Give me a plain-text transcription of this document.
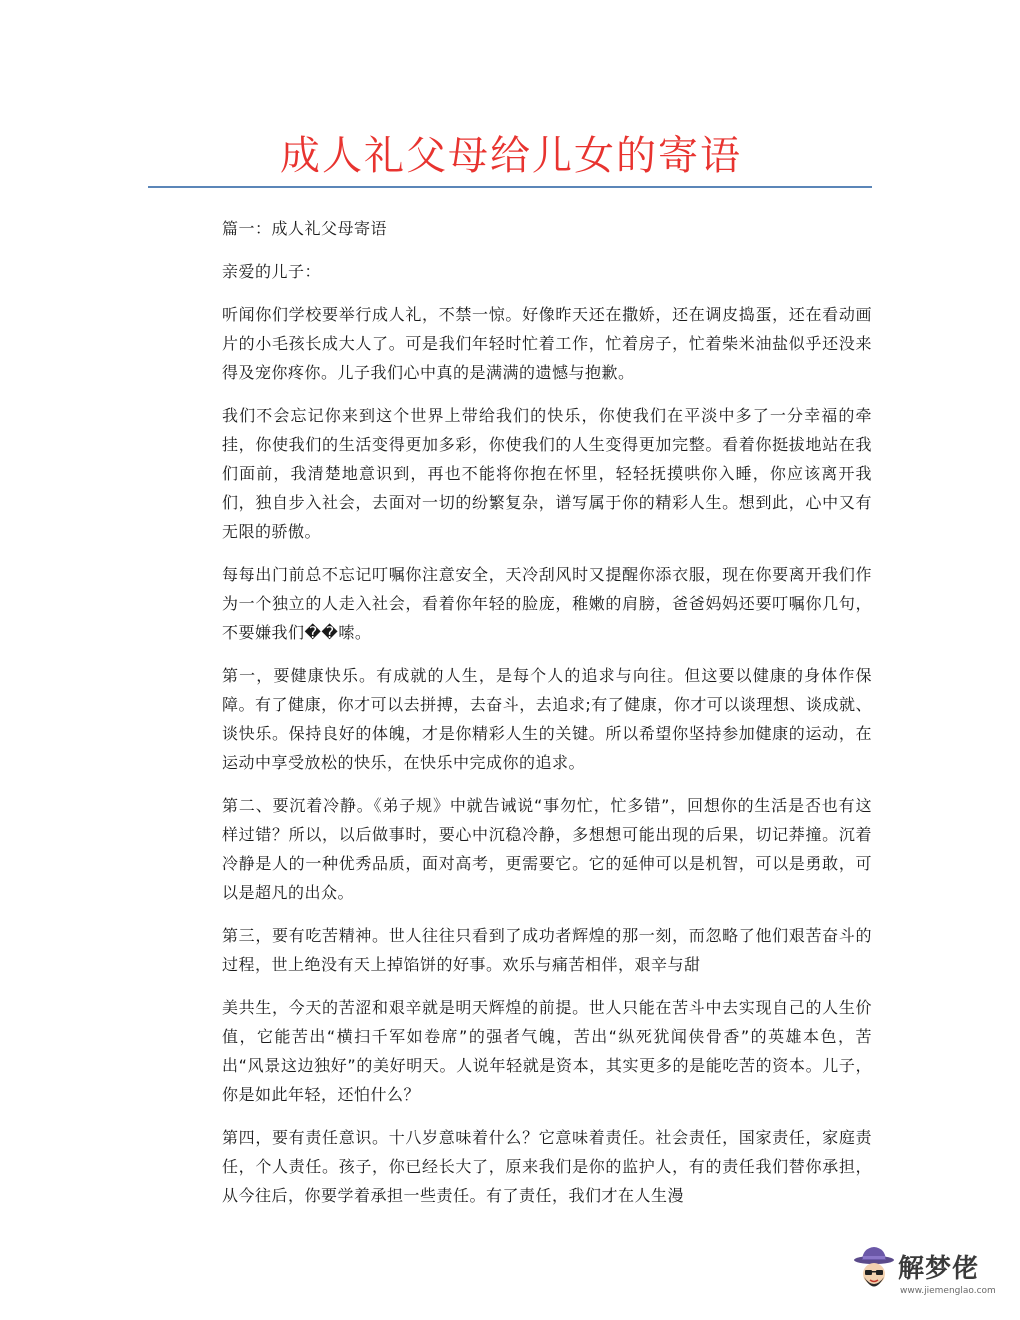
成人礼父母给儿女的寄语

篇一：成人礼父母寄语

亲爱的儿子：

听闻你们学校要举行成人礼，不禁一惊。好像昨天还在撒娇，还在调皮捣蛋，还在看动画片的小毛孩长成大人了。可是我们年轻时忙着工作，忙着房子，忙着柴米油盐似乎还没来得及宠你疼你。儿子我们心中真的是满满的遗憾与抱歉。

我们不会忘记你来到这个世界上带给我们的快乐，你使我们在平淡中多了一分幸福的牵挂，你使我们的生活变得更加多彩，你使我们的人生变得更加完整。看着你挺拔地站在我们面前，我清楚地意识到，再也不能将你抱在怀里，轻轻抚摸哄你入睡，你应该离开我们，独自步入社会，去面对一切的纷繁复杂，谱写属于你的精彩人生。想到此，心中又有无限的骄傲。

每每出门前总不忘记叮嘱你注意安全，天冷刮风时又提醒你添衣服，现在你要离开我们作为一个独立的人走入社会，看着你年轻的脸庞，稚嫩的肩膀，爸爸妈妈还要叮嘱你几句，不要嫌我们��嗦。

第一，要健康快乐。有成就的人生，是每个人的追求与向往。但这要以健康的身体作保障。有了健康，你才可以去拼搏，去奋斗，去追求;有了健康，你才可以谈理想、谈成就、谈快乐。保持良好的体魄，才是你精彩人生的关键。所以希望你坚持参加健康的运动，在运动中享受放松的快乐，在快乐中完成你的追求。

第二、要沉着冷静。《弟子规》中就告诫说“事勿忙，忙多错”，回想你的生活是否也有这样过错？所以，以后做事时，要心中沉稳冷静，多想想可能出现的后果，切记莽撞。沉着冷静是人的一种优秀品质，面对高考，更需要它。它的延伸可以是机智，可以是勇敢，可以是超凡的出众。

第三，要有吃苦精神。世人往往只看到了成功者辉煌的那一刻，而忽略了他们艰苦奋斗的过程，世上绝没有天上掉馅饼的好事。欢乐与痛苦相伴，艰辛与甜

美共生，今天的苦涩和艰辛就是明天辉煌的前提。世人只能在苦斗中去实现自己的人生价值，它能苦出“横扫千军如卷席”的强者气魄，苦出“纵死犹闻侠骨香”的英雄本色，苦出“风景这边独好”的美好明天。人说年轻就是资本，其实更多的是能吃苦的资本。儿子，你是如此年轻，还怕什么？

第四，要有责任意识。十八岁意味着什么？它意味着责任。社会责任，国家责任，家庭责任，个人责任。孩子，你已经长大了，原来我们是你的监护人，有的责任我们替你承担，从今往后，你要学着承担一些责任。有了责任，我们才在人生漫

解梦佬
www.jiemenglao.com
